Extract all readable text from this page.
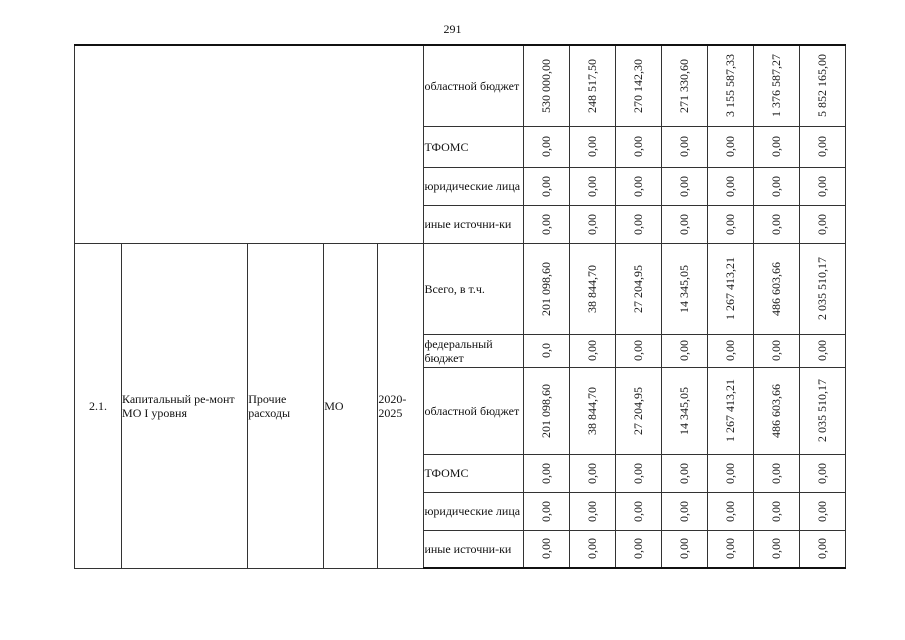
291
					областной бюджет	530 000,00	248 517,50	270 142,30	271 330,60	3 155 587,33	1 376 587,27	5 852 165,00

					ТФОМС	0,00	0,00	0,00	0,00	0,00	0,00	0,00

					юридические лица	0,00	0,00	0,00	0,00	0,00	0,00	0,00

					иные источни-ки	0,00	0,00	0,00	0,00	0,00	0,00	0,00

2.1.	Капитальный ре-монт МО I уровня	Прочие расходы	МО	2020-2025	Всего, в т.ч.	201 098,60	38 844,70	27 204,95	14 345,05	1 267 413,21	486 603,66	2 035 510,17

					федеральный бюджет	0,0	0,00	0,00	0,00	0,00	0,00	0,00

					областной бюджет	201 098,60	38 844,70	27 204,95	14 345,05	1 267 413,21	486 603,66	2 035 510,17

					ТФОМС	0,00	0,00	0,00	0,00	0,00	0,00	0,00

					юридические лица	0,00	0,00	0,00	0,00	0,00	0,00	0,00

					иные источни-ки	0,00	0,00	0,00	0,00	0,00	0,00	0,00
